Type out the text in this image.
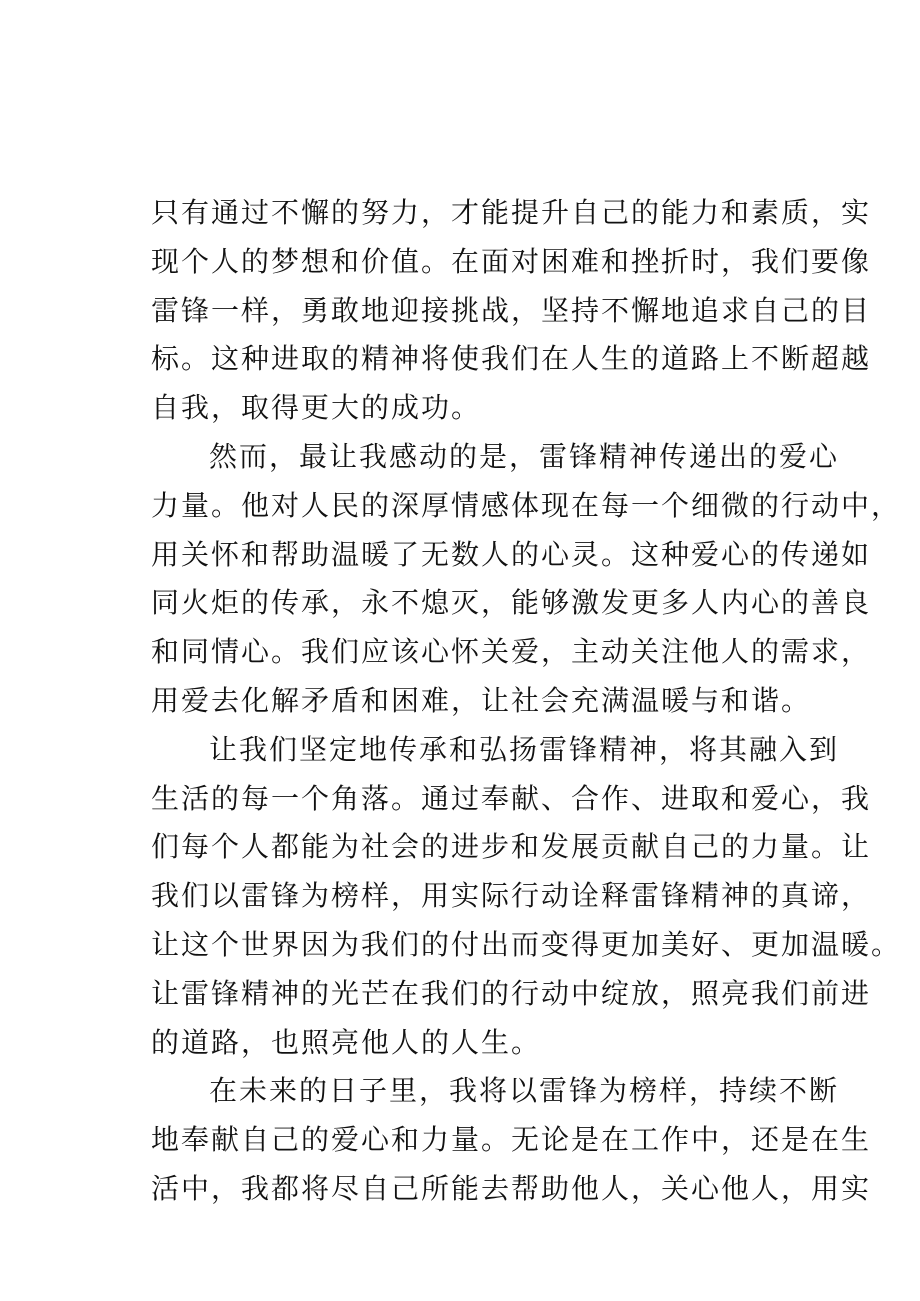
只有通过不懈的努力，才能提升自己的能力和素质，实
现个人的梦想和价值。在面对困难和挫折时，我们要像
雷锋一样，勇敢地迎接挑战，坚持不懈地追求自己的目
标。这种进取的精神将使我们在人生的道路上不断超越
自我，取得更大的成功。
然而，最让我感动的是，雷锋精神传递出的爱心
力量。他对人民的深厚情感体现在每一个细微的行动中，
用关怀和帮助温暖了无数人的心灵。这种爱心的传递如
同火炬的传承，永不熄灭，能够激发更多人内心的善良
和同情心。我们应该心怀关爱，主动关注他人的需求，
用爱去化解矛盾和困难，让社会充满温暖与和谐。
让我们坚定地传承和弘扬雷锋精神，将其融入到
生活的每一个角落。通过奉献、合作、进取和爱心，我
们每个人都能为社会的进步和发展贡献自己的力量。让
我们以雷锋为榜样，用实际行动诠释雷锋精神的真谛，
让这个世界因为我们的付出而变得更加美好、更加温暖。
让雷锋精神的光芒在我们的行动中绽放，照亮我们前进
的道路，也照亮他人的人生。
在未来的日子里，我将以雷锋为榜样，持续不断
地奉献自己的爱心和力量。无论是在工作中，还是在生
活中，我都将尽自己所能去帮助他人，关心他人，用实
